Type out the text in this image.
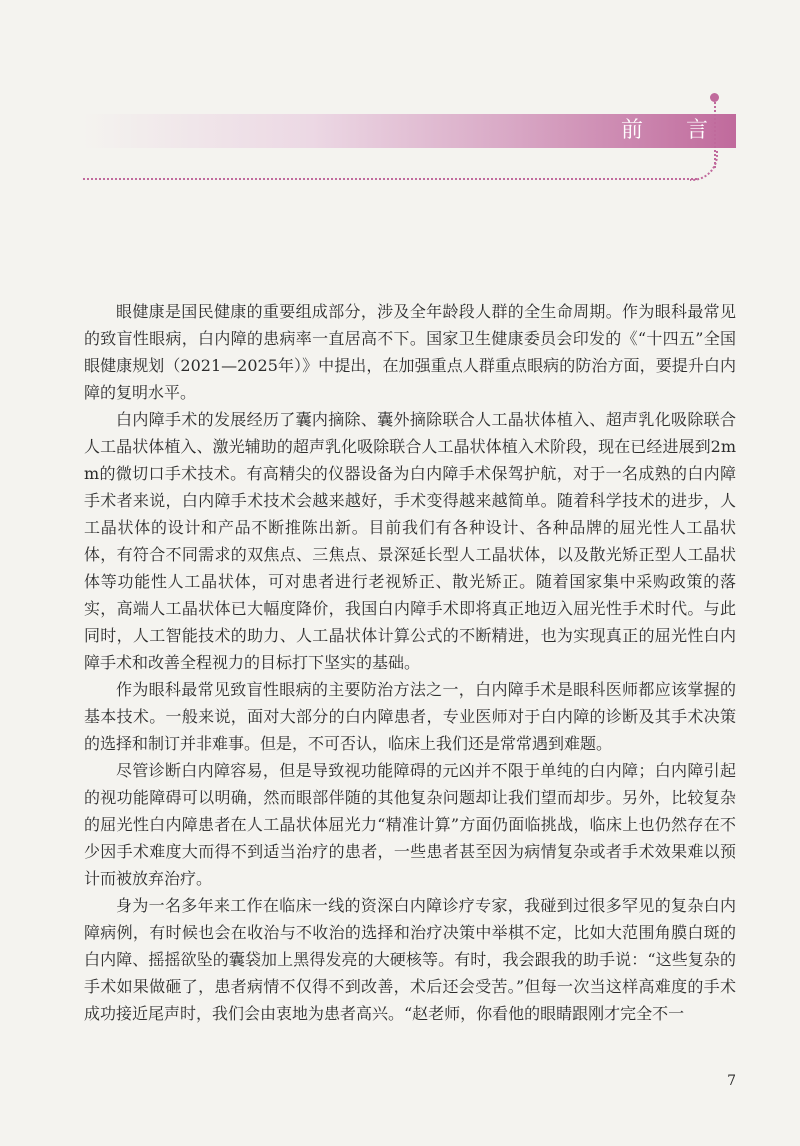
前 言

眼健康是国民健康的重要组成部分，涉及全年龄段人群的全生命周期。作为眼科最常见的致盲性眼病，白内障的患病率一直居高不下。国家卫生健康委员会印发的《“十四五”全国眼健康规划（2021—2025年）》中提出，在加强重点人群重点眼病的防治方面，要提升白内障的复明水平。

白内障手术的发展经历了囊内摘除、囊外摘除联合人工晶状体植入、超声乳化吸除联合人工晶状体植入、激光辅助的超声乳化吸除联合人工晶状体植入术阶段，现在已经进展到2mm的微切口手术技术。有高精尖的仪器设备为白内障手术保驾护航，对于一名成熟的白内障手术者来说，白内障手术技术会越来越好，手术变得越来越简单。随着科学技术的进步，人工晶状体的设计和产品不断推陈出新。目前我们有各种设计、各种品牌的屈光性人工晶状体，有符合不同需求的双焦点、三焦点、景深延长型人工晶状体，以及散光矫正型人工晶状体等功能性人工晶状体，可对患者进行老视矫正、散光矫正。随着国家集中采购政策的落实，高端人工晶状体已大幅度降价，我国白内障手术即将真正地迈入屈光性手术时代。与此同时，人工智能技术的助力、人工晶状体计算公式的不断精进，也为实现真正的屈光性白内障手术和改善全程视力的目标打下坚实的基础。

作为眼科最常见致盲性眼病的主要防治方法之一，白内障手术是眼科医师都应该掌握的基本技术。一般来说，面对大部分的白内障患者，专业医师对于白内障的诊断及其手术决策的选择和制订并非难事。但是，不可否认，临床上我们还是常常遇到难题。

尽管诊断白内障容易，但是导致视功能障碍的元凶并不限于单纯的白内障；白内障引起的视功能障碍可以明确，然而眼部伴随的其他复杂问题却让我们望而却步。另外，比较复杂的屈光性白内障患者在人工晶状体屈光力“精准计算”方面仍面临挑战，临床上也仍然存在不少因手术难度大而得不到适当治疗的患者，一些患者甚至因为病情复杂或者手术效果难以预计而被放弃治疗。

身为一名多年来工作在临床一线的资深白内障诊疗专家，我碰到过很多罕见的复杂白内障病例，有时候也会在收治与不收治的选择和治疗决策中举棋不定，比如大范围角膜白斑的白内障、摇摇欲坠的囊袋加上黑得发亮的大硬核等。有时，我会跟我的助手说：“这些复杂的手术如果做砸了，患者病情不仅得不到改善，术后还会受苦。”但每一次当这样高难度的手术成功接近尾声时，我们会由衷地为患者高兴。“赵老师，你看他的眼睛跟刚才完全不一

7
